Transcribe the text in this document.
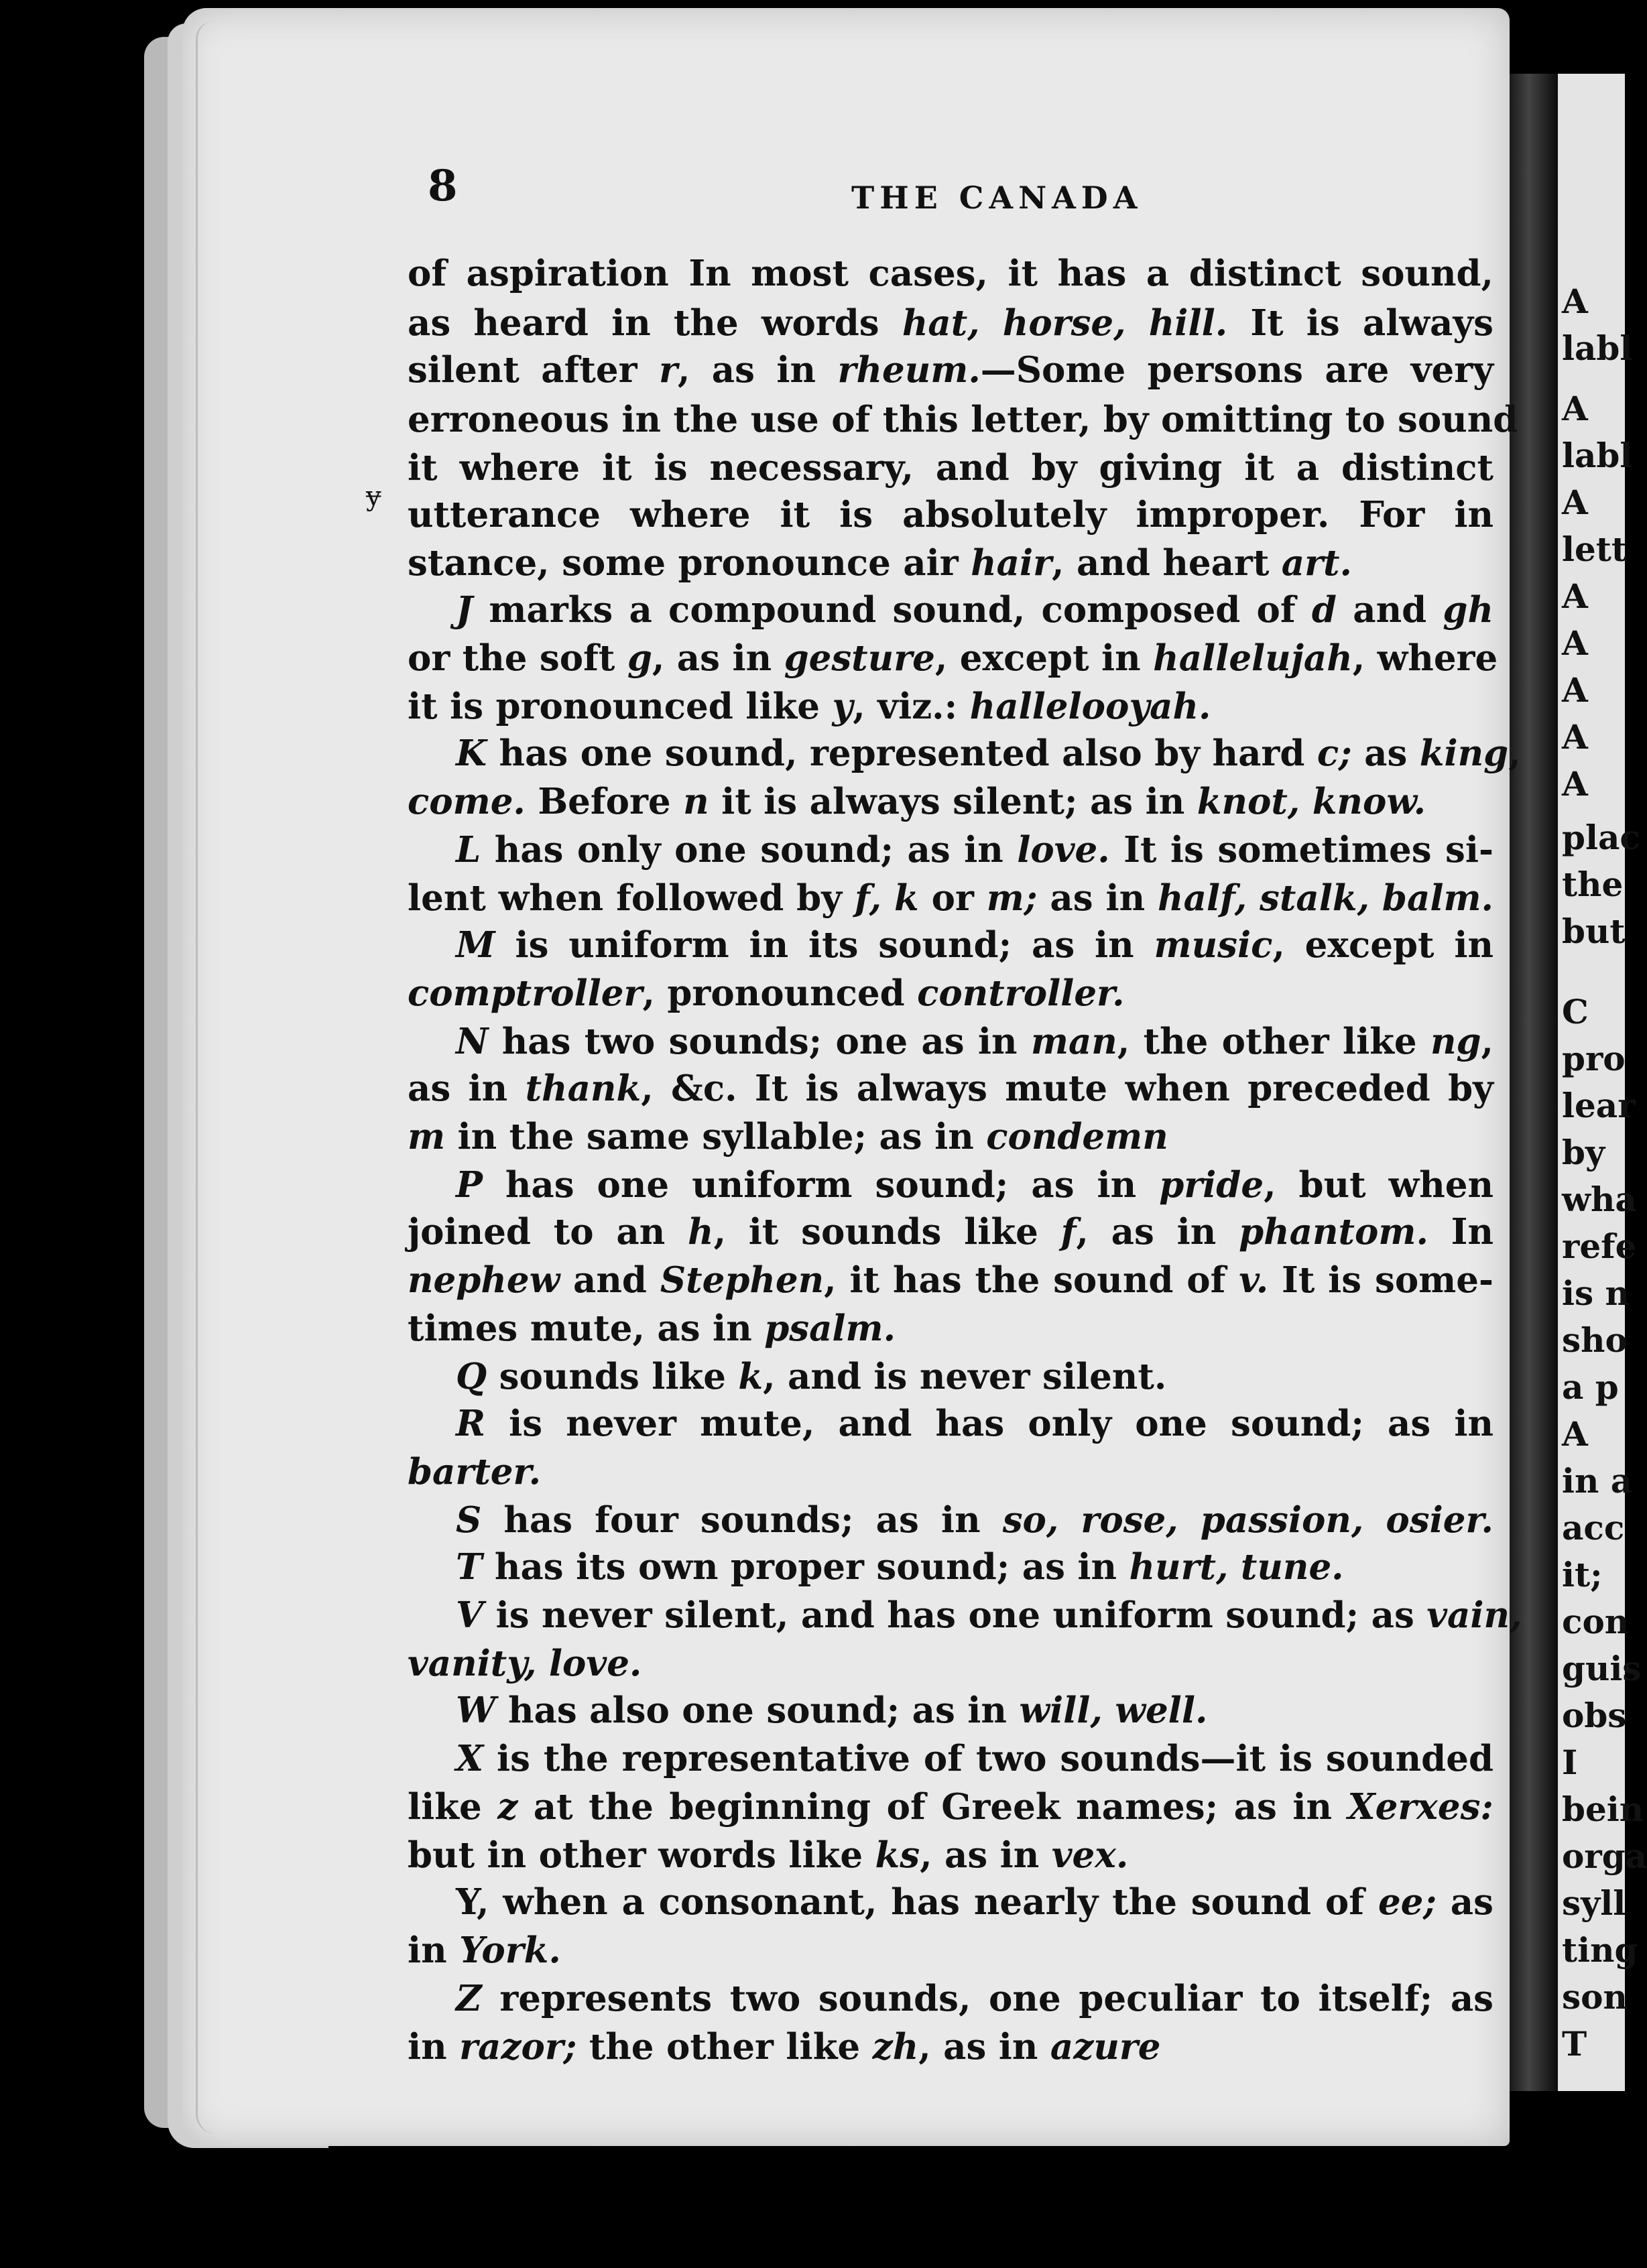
A
labl
A
labl
A
lett
A
A
A
A
A
plac
the
but
C
pro
lear
by
wha
refe
is n
sho
a p
A
in a
acc
it;
con
guis
obs
I
bein
orga
syll
ting
son
T
8	THE CANADA
ɏ
of aspiration In most cases, it has a distinct sound,
as heard in the words hat, horse, hill. It is always
silent after r, as in rheum.—Some persons are very
erroneous in the use of this letter, by omitting to sound
it where it is necessary, and by giving it a distinct
utterance where it is absolutely improper. For in
stance, some pronounce air hair, and heart art.
J marks a compound sound, composed of d and gh
or the soft g, as in gesture, except in hallelujah, where
it is pronounced like y, viz.: hallelooyah.
K has one sound, represented also by hard c; as king,
come. Before n it is always silent; as in knot, know.
L has only one sound; as in love. It is sometimes si-
lent when followed by f, k or m; as in half, stalk, balm.
M is uniform in its sound; as in music, except in
comptroller, pronounced controller.
N has two sounds; one as in man, the other like ng,
as in thank, &c. It is always mute when preceded by
m in the same syllable; as in condemn
P has one uniform sound; as in pride, but when
joined to an h, it sounds like f, as in phantom. In
nephew and Stephen, it has the sound of v. It is some-
times mute, as in psalm.
Q sounds like k, and is never silent.
R is never mute, and has only one sound; as in
barter.
S has four sounds; as in so, rose, passion, osier.
T has its own proper sound; as in hurt, tune.
V is never silent, and has one uniform sound; as vain,
vanity, love.
W has also one sound; as in will, well.
X is the representative of two sounds—it is sounded
like z at the beginning of Greek names; as in Xerxes:
but in other words like ks, as in vex.
Y, when a consonant, has nearly the sound of ee; as
in York.
Z represents two sounds, one peculiar to itself; as
in razor; the other like zh, as in azure
